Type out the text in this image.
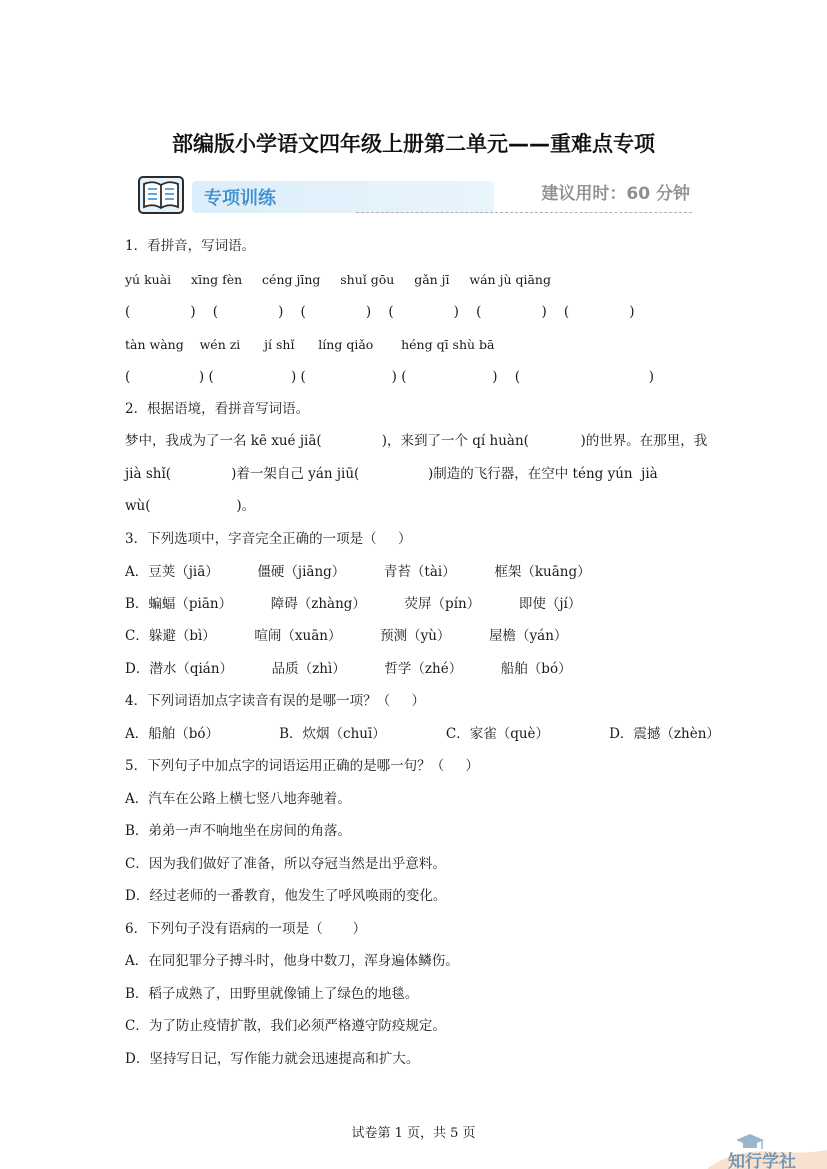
部编版小学语文四年级上册第二单元——重难点专项
专项训练	建议用时：60 分钟
1．看拼音，写词语。
yú kuài     xīng fèn     céng jīng     shuǐ gōu     gǎn jī     wán jù qiāng
(              )    (              )    (              )    (              )    (              )    (              )
tàn wàng    wén zi      jí shǐ      líng qiǎo       héng qī shù bā
(                ) (                  ) (                    ) (                    )    (                              )
2．根据语境，看拼音写词语。
梦中，我成为了一名 kē xué jiā(              )，来到了一个 qí huàn(            )的世界。在那里，我
jià shǐ(              )着一架自己 yán jiū(                )制造的飞行器，在空中 téng yún  jià
wù(                    )。
3．下列选项中，字音完全正确的一项是（     ）
A．豆荚（jiā）         僵硬（jiāng）         青苔（tài）         框架（kuāng）
B．蝙蝠（piān）         障碍（zhàng）         荧屏（pín）         即使（jí）
C．躲避（bì）         喧闹（xuān）         预测（yù）         屋檐（yán）
D．潜水（qián）         品质（zhì）         哲学（zhé）         船舶（bó）
4．下列词语加点字读音有误的是哪一项？（     ）
A．船舶（bó）              B．炊烟（chuī）              C．家雀（què）              D．震撼（zhèn）
5．下列句子中加点字的词语运用正确的是哪一句？（     ）
A．汽车在公路上横七竖八地奔驰着。
B．弟弟一声不响地坐在房间的角落。
C．因为我们做好了准备，所以夺冠当然是出乎意料。
D．经过老师的一番教育，他发生了呼风唤雨的变化。
6．下列句子没有语病的一项是（       ）
A．在同犯罪分子搏斗时，他身中数刀，浑身遍体鳞伤。
B．稻子成熟了，田野里就像铺上了绿色的地毯。
C．为了防止疫情扩散，我们必须严格遵守防疫规定。
D．坚持写日记，写作能力就会迅速提高和扩大。
试卷第 1 页，共 5 页
知行学社
